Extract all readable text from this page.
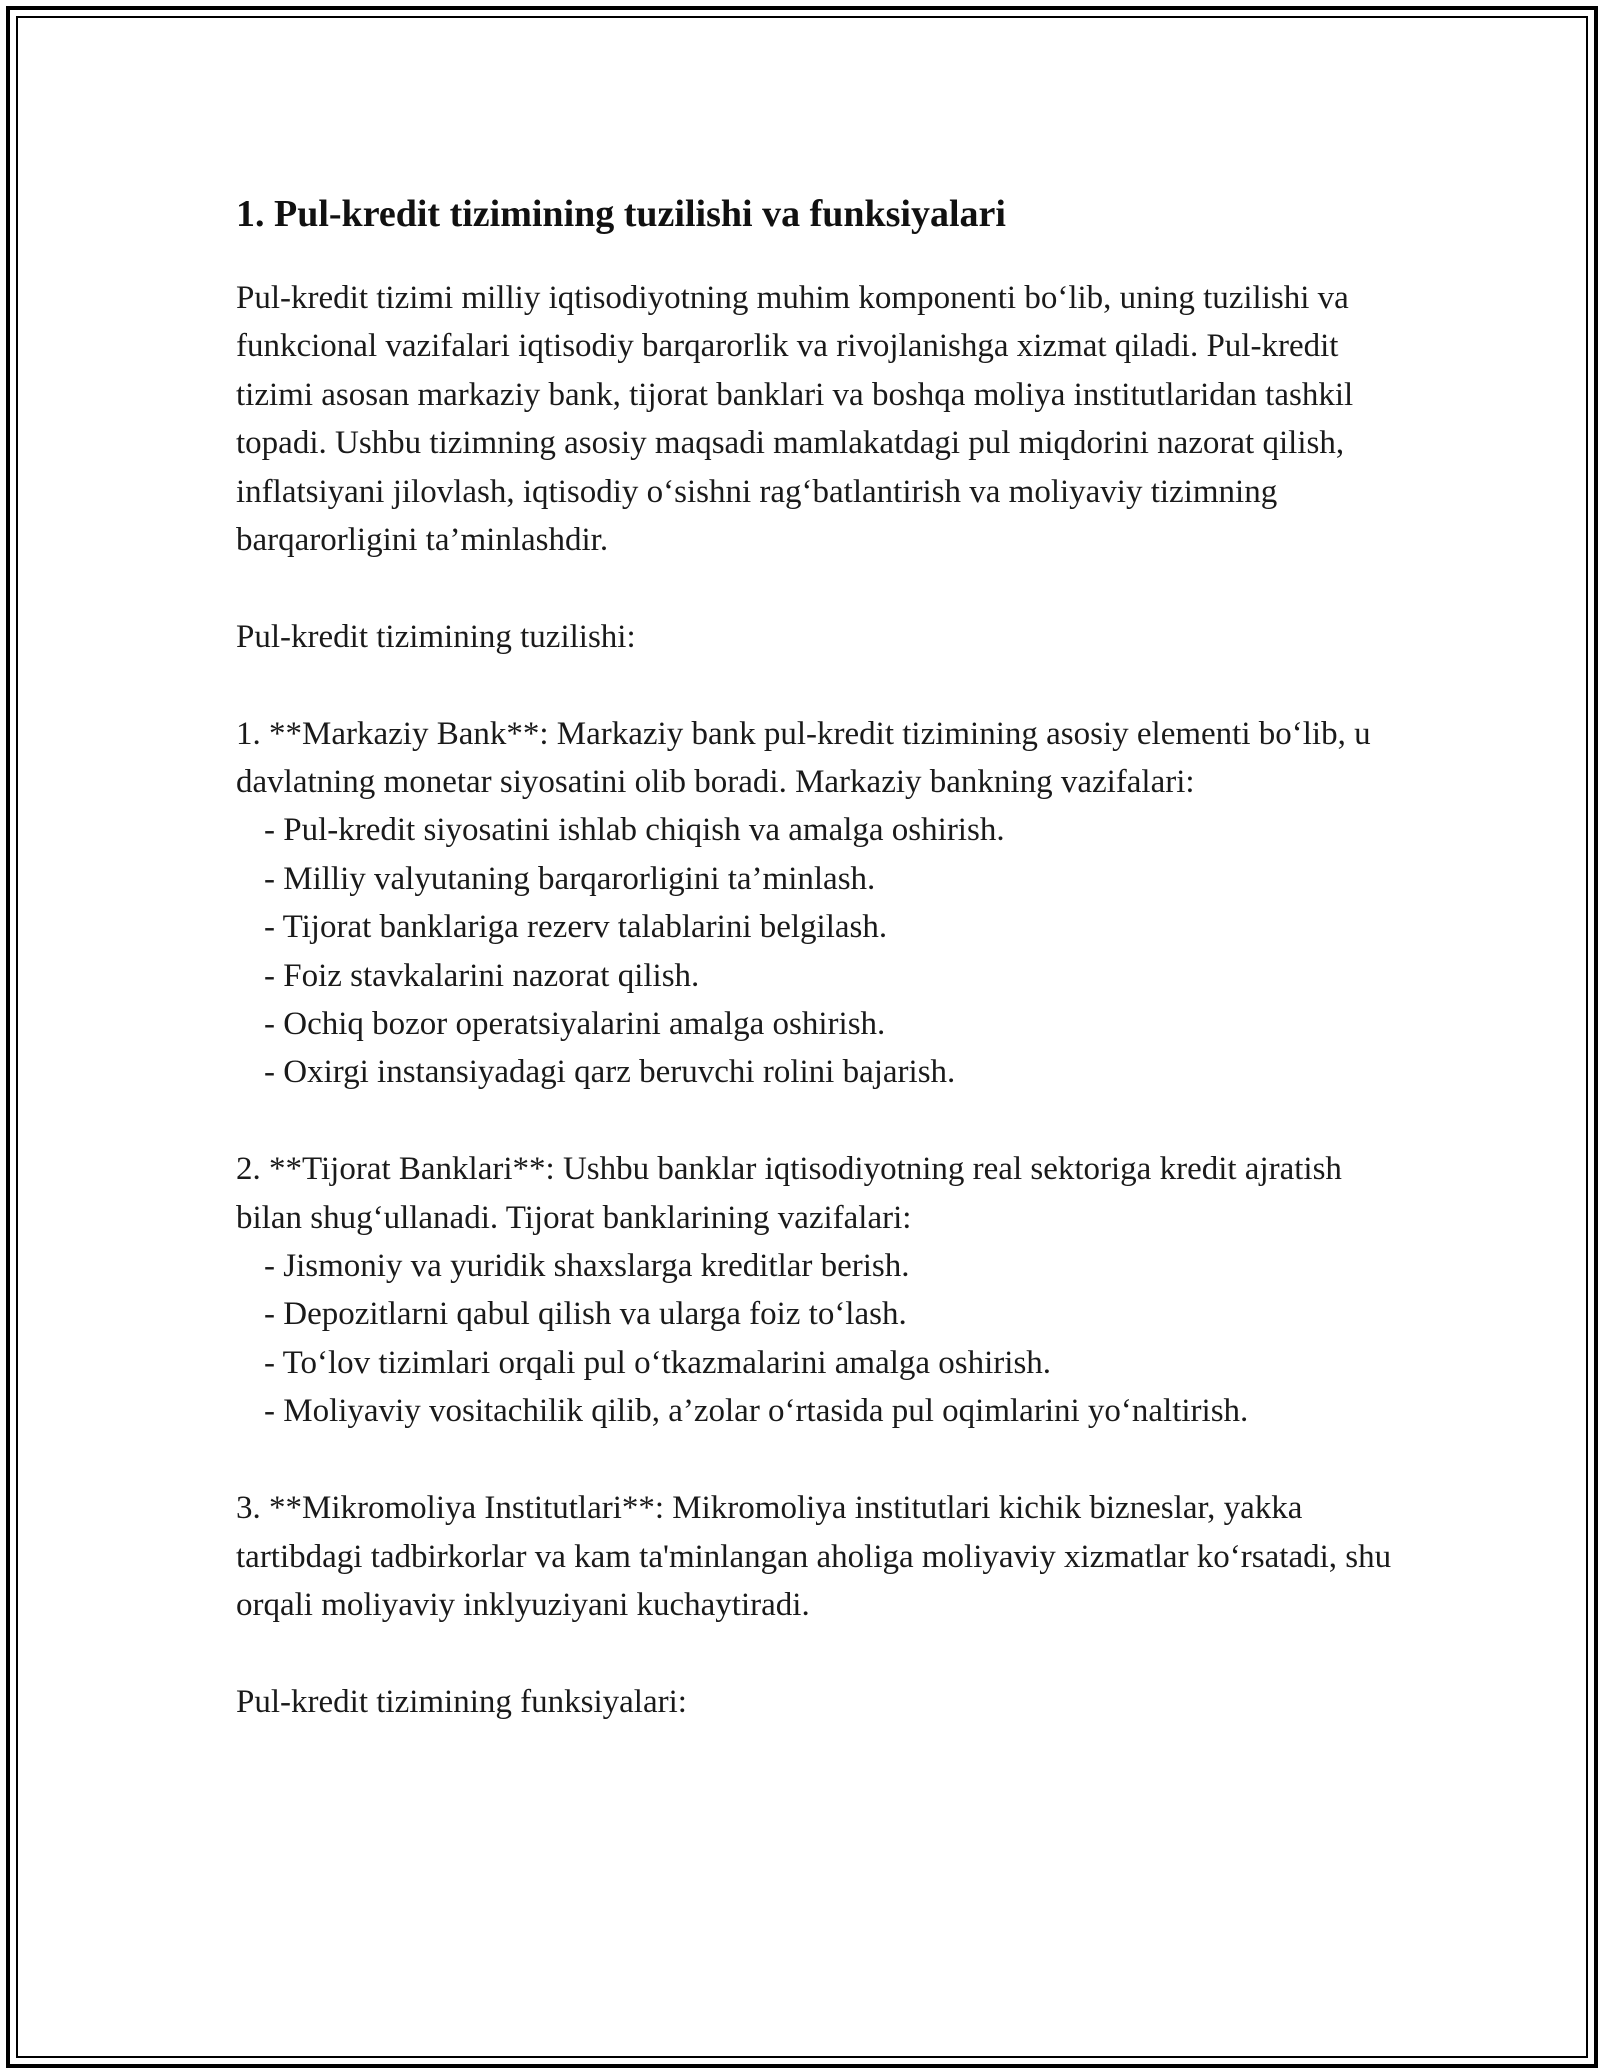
1. Pul-kredit tizimining tuzilishi va funksiyalari

Pul-kredit tizimi milliy iqtisodiyotning muhim komponenti bo‘lib, uning tuzilishi va funkcional vazifalari iqtisodiy barqarorlik va rivojlanishga xizmat qiladi. Pul-kredit tizimi asosan markaziy bank, tijorat banklari va boshqa moliya institutlaridan tashkil topadi. Ushbu tizimning asosiy maqsadi mamlakatdagi pul miqdorini nazorat qilish, inflatsiyani jilovlash, iqtisodiy o‘sishni rag‘batlantirish va moliyaviy tizimning barqarorligini ta’minlashdir.

Pul-kredit tizimining tuzilishi:

1. **Markaziy Bank**: Markaziy bank pul-kredit tizimining asosiy elementi bo‘lib, u davlatning monetar siyosatini olib boradi. Markaziy bankning vazifalari:

- Pul-kredit siyosatini ishlab chiqish va amalga oshirish.

- Milliy valyutaning barqarorligini ta’minlash.

- Tijorat banklariga rezerv talablarini belgilash.

- Foiz stavkalarini nazorat qilish.

- Ochiq bozor operatsiyalarini amalga oshirish.

- Oxirgi instansiyadagi qarz beruvchi rolini bajarish.

2. **Tijorat Banklari**: Ushbu banklar iqtisodiyotning real sektoriga kredit ajratish bilan shug‘ullanadi. Tijorat banklarining vazifalari:

- Jismoniy va yuridik shaxslarga kreditlar berish.

- Depozitlarni qabul qilish va ularga foiz to‘lash.

- To‘lov tizimlari orqali pul o‘tkazmalarini amalga oshirish.

- Moliyaviy vositachilik qilib, a’zolar o‘rtasida pul oqimlarini yo‘naltirish.

3. **Mikromoliya Institutlari**: Mikromoliya institutlari kichik bizneslar, yakka tartibdagi tadbirkorlar va kam ta'minlangan aholiga moliyaviy xizmatlar ko‘rsatadi, shu orqali moliyaviy inklyuziyani kuchaytiradi.

Pul-kredit tizimining funksiyalari:
